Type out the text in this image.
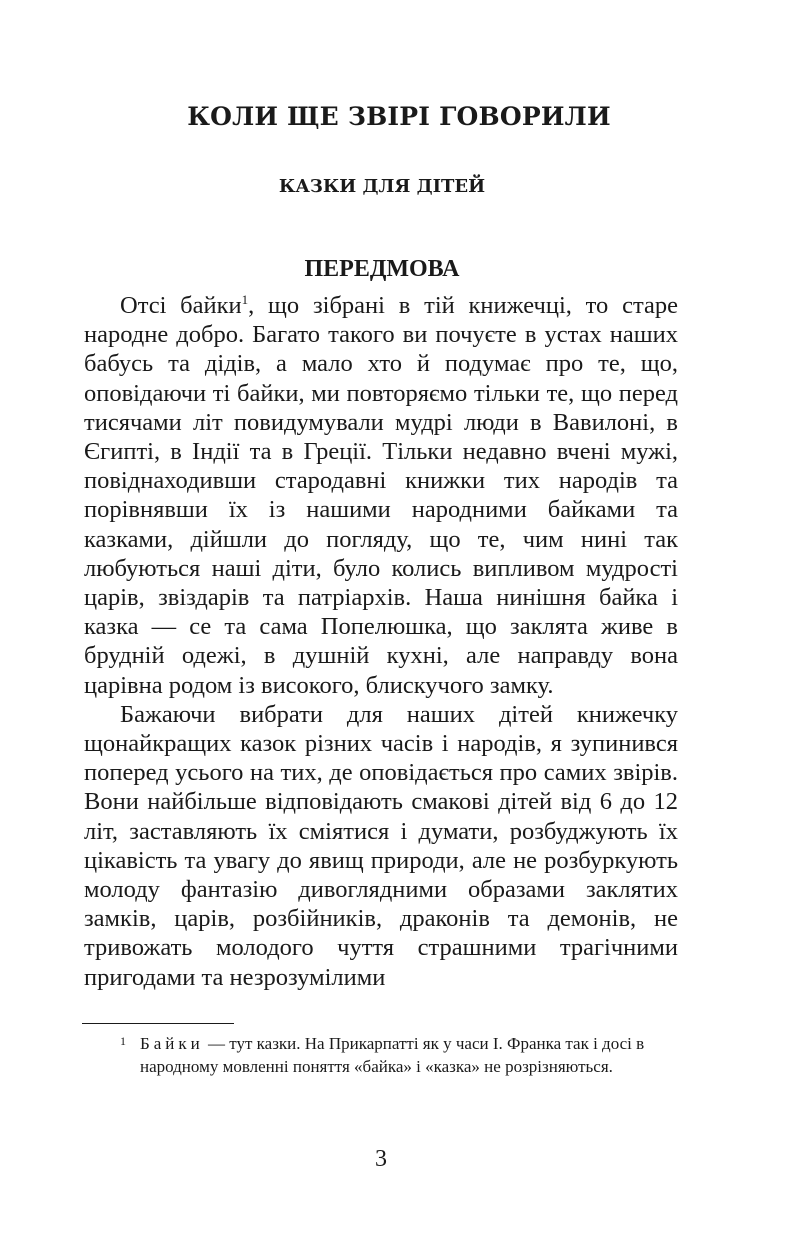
КОЛИ ЩЕ ЗВІРІ ГОВОРИЛИ
КАЗКИ ДЛЯ ДІТЕЙ
ПЕРЕДМОВА

Отсі байки$^1$, що зібрані в тій книжечці, то старе народне добро. Багато такого ви почуєте в устах наших бабусь та дідів, а мало хто й подумає про те, що, оповідаючи ті байки, ми повторяємо тільки те, що перед тисячами літ повидумували мудрі люди в Вавилоні, в Єгипті, в Індії та в Греції. Тільки недавно вчені мужі, повіднаходивши стародавні книжки тих народів та порівнявши їх із нашими народними байками та казками, дійшли до погляду, що те, чим нині так любуються наші діти, було колись випливом мудрості царів, звіздарів та патріархів. Наша нинішня байка і казка — се та сама Попелюшка, що заклята живе в брудній одежі, в душній кухні, але направду вона царівна родом із високого, блискучого замку.

Бажаючи вибрати для наших дітей книжечку щонайкращих казок різних часів і народів, я зупинився поперед усього на тих, де оповідається про самих звірів. Вони найбільше відповідають смакові дітей від 6 до 12 літ, заставляють їх сміятися і думати, розбуджують їх цікавість та увагу до явищ природи, але не розбуркують молоду фантазію дивоглядними образами заклятих замків, царів, розбійників, драконів та демонів, не тривожать молодого чуття страшними трагічними пригодами та незрозумілими

1 Байки — тут казки. На Прикарпатті як у часи І. Франка так і досі в народному мовленні поняття «байка» і «казка» не розрізняються.
3
